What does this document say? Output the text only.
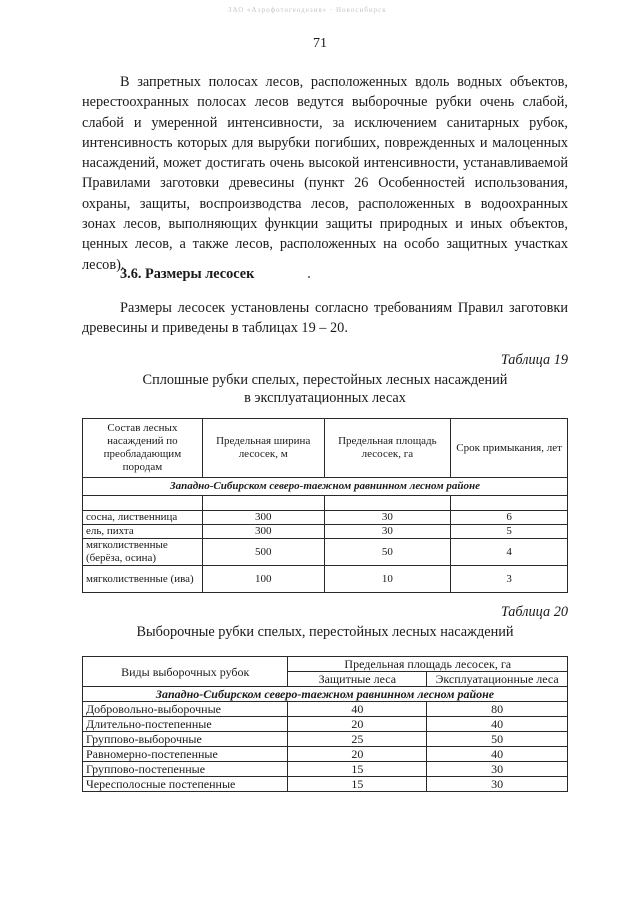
ЗАО «Аэрофотогеодезия» · Новосибирск
71

В запретных полосах лесов, расположенных вдоль водных объектов, нерестоохранных полосах лесов ведутся выборочные рубки очень слабой, слабой и умеренной интенсивности, за исключением санитарных рубок, интенсивность которых для вырубки погибших, поврежденных и малоценных насаждений, может достигать очень высокой интенсивности, устанавливаемой Правилами заготовки древесины (пункт 26 Особенностей использования, охраны, защиты, воспроизводства лесов, расположенных в водоохранных зонах лесов, выполняющих функции защиты природных и иных объектов, ценных лесов, а также лесов, расположенных на особо защитных участках лесов).

3.6. Размеры лесосек

Размеры лесосек установлены согласно требованиям Правил заготовки древесины и приведены в таблицах 19 – 20.

Таблица 19
Сплошные рубки спелых, перестойных лесных насаждений
в эксплуатационных лесах
Состав лесных насаждений по преобладающим породам	Предельная ширина лесосек, м	Предельная площадь лесосек, га	Срок примыкания, лет
Западно-Сибирском северо-таежном равнинном лесном районе			

сосна, лиственница	300	30	6
ель, пихта	300	30	5
мягколиственные (берёза, осина)	500	50	4
мягколиственные (ива)	100	10	3
Таблица 20
Выборочные рубки спелых, перестойных лесных насаждений
Виды выборочных рубок	Предельная площадь лесосек, га	
	Защитные леса	Эксплуатационные леса
Западно-Сибирском северо-таежном равнинном лесном районе		
Добровольно-выборочные	40	80
Длительно-постепенные	20	40
Группово-выборочные	25	50
Равномерно-постепенные	20	40
Группово-постепенные	15	30
Чересполосные постепенные	15	30
